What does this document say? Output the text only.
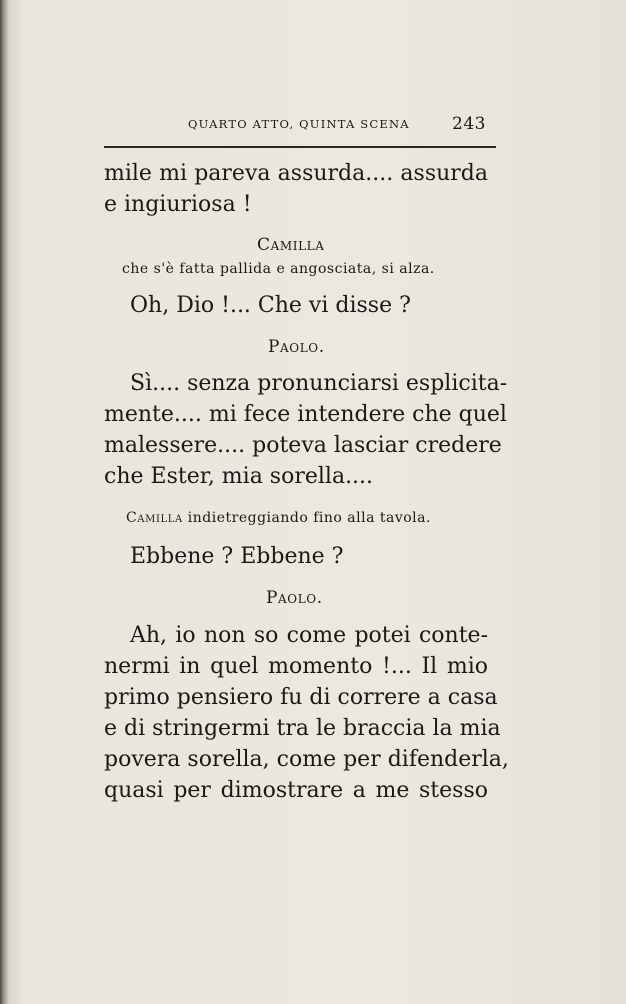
QUARTO ATTO, QUINTA SCENA 243
mile mi pareva assurda.... assurda
e ingiuriosa !
Camilla
che s'è fatta pallida e angosciata, si alza.
Oh, Dio !... Che vi disse ?
Paolo.
Sì.... senza pronunciarsi esplicita-
mente.... mi fece intendere che quel
malessere.... poteva lasciar credere
che Ester, mia sorella....
Camilla indietreggiando fino alla tavola.
Ebbene ? Ebbene ?
Paolo.
Ah, io non so come potei conte-
nermi in quel momento !... Il mio
primo pensiero fu di correre a casa
e di stringermi tra le braccia la mia
povera sorella, come per difenderla,
quasi per dimostrare a me stesso
